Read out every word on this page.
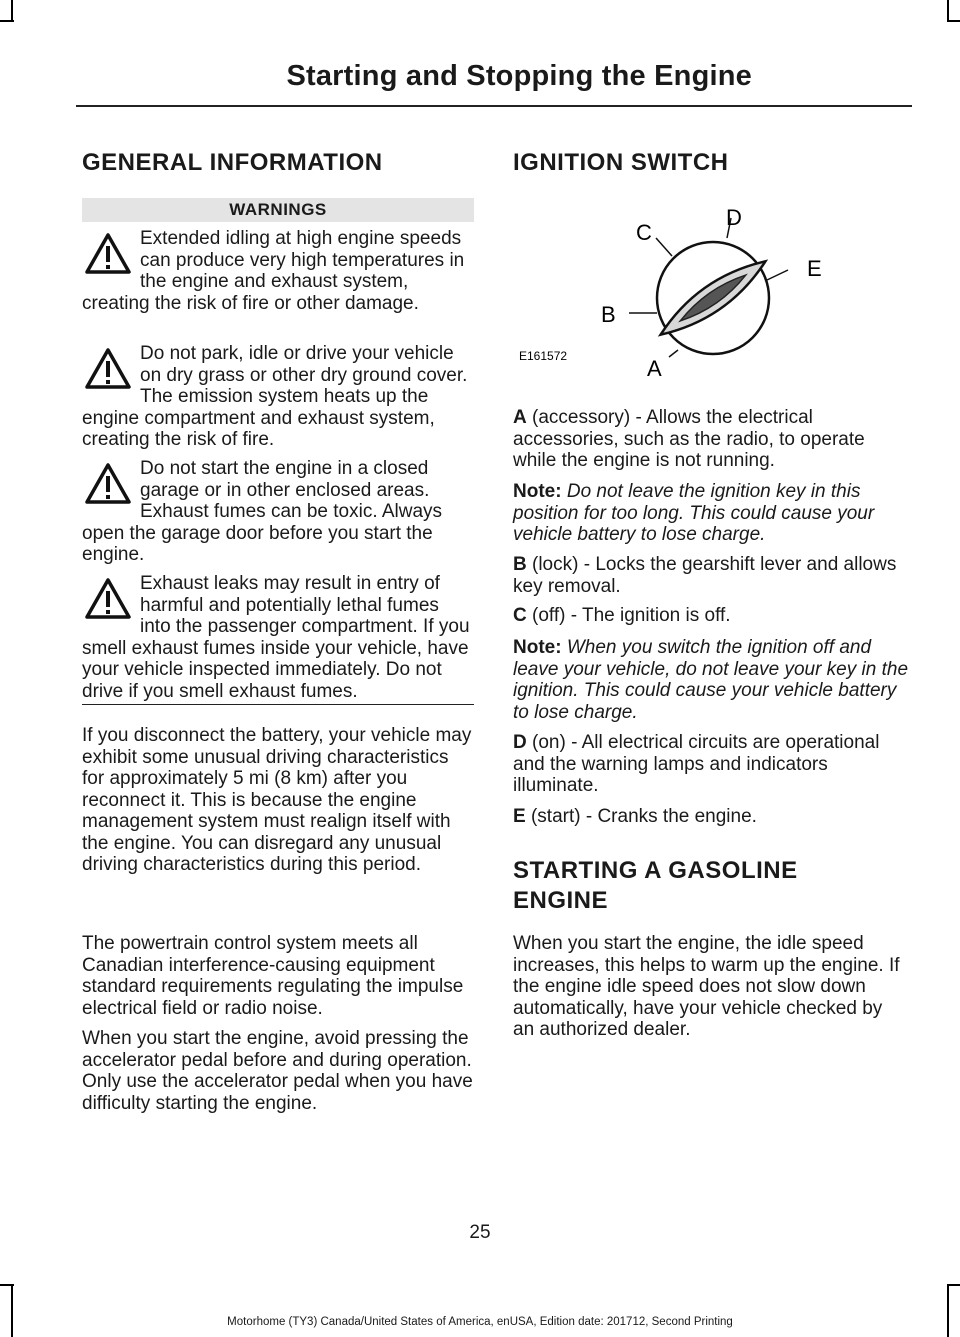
Starting and Stopping the Engine
GENERAL INFORMATION
WARNINGS
Extended idling at high engine speeds can produce very high temperatures in the engine and exhaust system, creating the risk of fire or other damage.
Do not park, idle or drive your vehicle on dry grass or other dry ground cover. The emission system heats up the engine compartment and exhaust system, creating the risk of fire.
Do not start the engine in a closed garage or in other enclosed areas. Exhaust fumes can be toxic. Always open the garage door before you start the engine.
Exhaust leaks may result in entry of harmful and potentially lethal fumes into the passenger compartment. If you smell exhaust fumes inside your vehicle, have your vehicle inspected immediately. Do not drive if you smell exhaust fumes.

If you disconnect the battery, your vehicle may exhibit some unusual driving characteristics for approximately 5 mi (8 km) after you reconnect it. This is because the engine management system must realign itself with the engine. You can disregard any unusual driving characteristics during this period.

The powertrain control system meets all Canadian interference-causing equipment standard requirements regulating the impulse electrical field or radio noise.

When you start the engine, avoid pressing the accelerator pedal before and during operation. Only use the accelerator pedal when you have difficulty starting the engine.

IGNITION SWITCH
C
D
E
B
A
E161572

A (accessory) - Allows the electrical accessories, such as the radio, to operate while the engine is not running.

Note: Do not leave the ignition key in this position for too long. This could cause your vehicle battery to lose charge.

B (lock) - Locks the gearshift lever and allows key removal.

C (off) - The ignition is off.

Note: When you switch the ignition off and leave your vehicle, do not leave your key in the ignition. This could cause your vehicle battery to lose charge.

D (on) - All electrical circuits are operational and the warning lamps and indicators illuminate.

E (start) - Cranks the engine.

STARTING A GASOLINE
ENGINE

When you start the engine, the idle speed increases, this helps to warm up the engine. If the engine idle speed does not slow down automatically, have your vehicle checked by an authorized dealer.

25
Motorhome (TY3) Canada/United States of America, enUSA, Edition date: 201712, Second Printing
